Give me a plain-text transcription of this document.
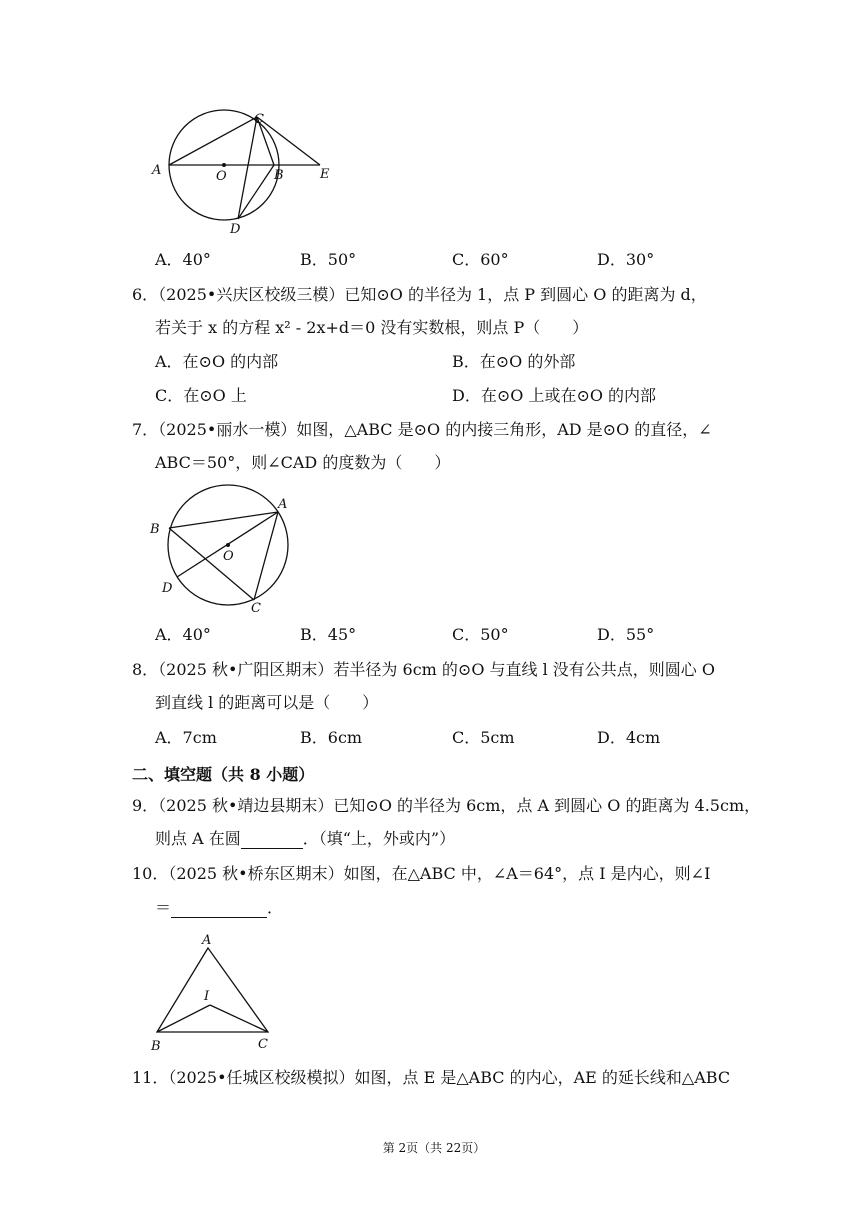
A	O	B
C
D
E
A．40°	B．50°	C．60°	D．30°
6．（2025•兴庆区校级三模）已知⊙O 的半径为 1，点 P 到圆心 O 的距离为 d，
若关于 x 的方程 x² ‑ 2x+d＝0 没有实数根，则点 P（　　）
A．在⊙O 的内部	B．在⊙O 的外部
C．在⊙O 上	D．在⊙O 上或在⊙O 的内部
7．（2025•丽水一模）如图，△ABC 是⊙O 的内接三角形，AD 是⊙O 的直径，∠
ABC＝50°，则∠CAD 的度数为（　　）
B
A
O
D
C
A．40°	B．45°	C．50°	D．55°
8．（2025 秋•广阳区期末）若半径为 6cm 的⊙O 与直线 l 没有公共点，则圆心 O
到直线 l 的距离可以是（　　）
A．7cm	B．6cm	C．5cm	D．4cm
二、填空题（共 8 小题）
9．（2025 秋•靖边县期末）已知⊙O 的半径为 6cm，点 A 到圆心 O 的距离为 4.5cm，
则点 A 在圆	．（填“上，外或内”）
10．（2025 秋•桥东区期末）如图，在△ABC 中，∠A＝64°，点 I 是内心，则∠I
＝	．
A
I
B	C
11．（2025•任城区校级模拟）如图，点 E 是△ABC 的内心，AE 的延长线和△ABC
第 2页（共 22页）
